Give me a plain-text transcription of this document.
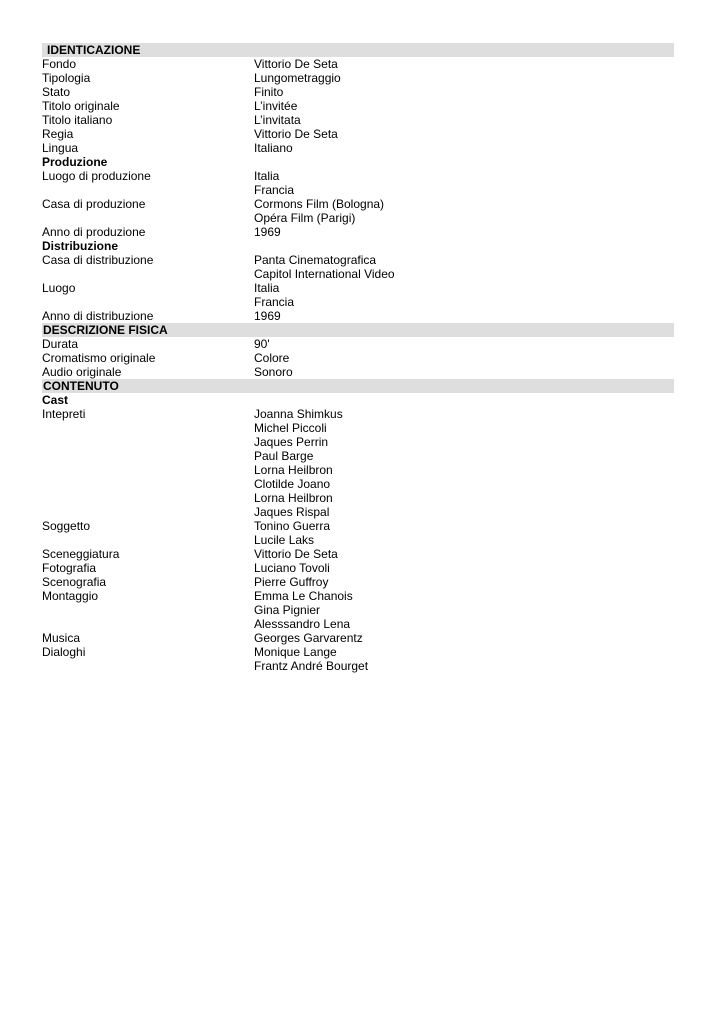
IDENTICAZIONE
Fondo	Vittorio De Seta
Tipologia	Lungometraggio
Stato	Finito
Titolo originale	L’invitée
Titolo italiano	L’invitata
Regia	Vittorio De Seta
Lingua	Italiano
Produzione
Luogo di produzione	Italia
Francia
Casa di produzione	Cormons Film (Bologna)
Opéra Film (Parigi)
Anno di produzione	1969
Distribuzione
Casa di distribuzione	Panta Cinematografica
Capitol International Video
Luogo	Italia
Francia
Anno di distribuzione	1969
DESCRIZIONE FISICA
Durata	90'
Cromatismo originale	Colore
Audio originale	Sonoro
CONTENUTO
Cast
Intepreti	Joanna Shimkus
Michel Piccoli
Jaques Perrin
Paul Barge
Lorna Heilbron
Clotilde Joano
Lorna Heilbron
Jaques Rispal
Soggetto	Tonino Guerra
Lucile Laks
Sceneggiatura	Vittorio De Seta
Fotografia	Luciano Tovoli
Scenografia	Pierre Guffroy
Montaggio	Emma Le Chanois
Gina Pignier
Alesssandro Lena
Musica	Georges Garvarentz
Dialoghi	Monique Lange
Frantz André Bourget
